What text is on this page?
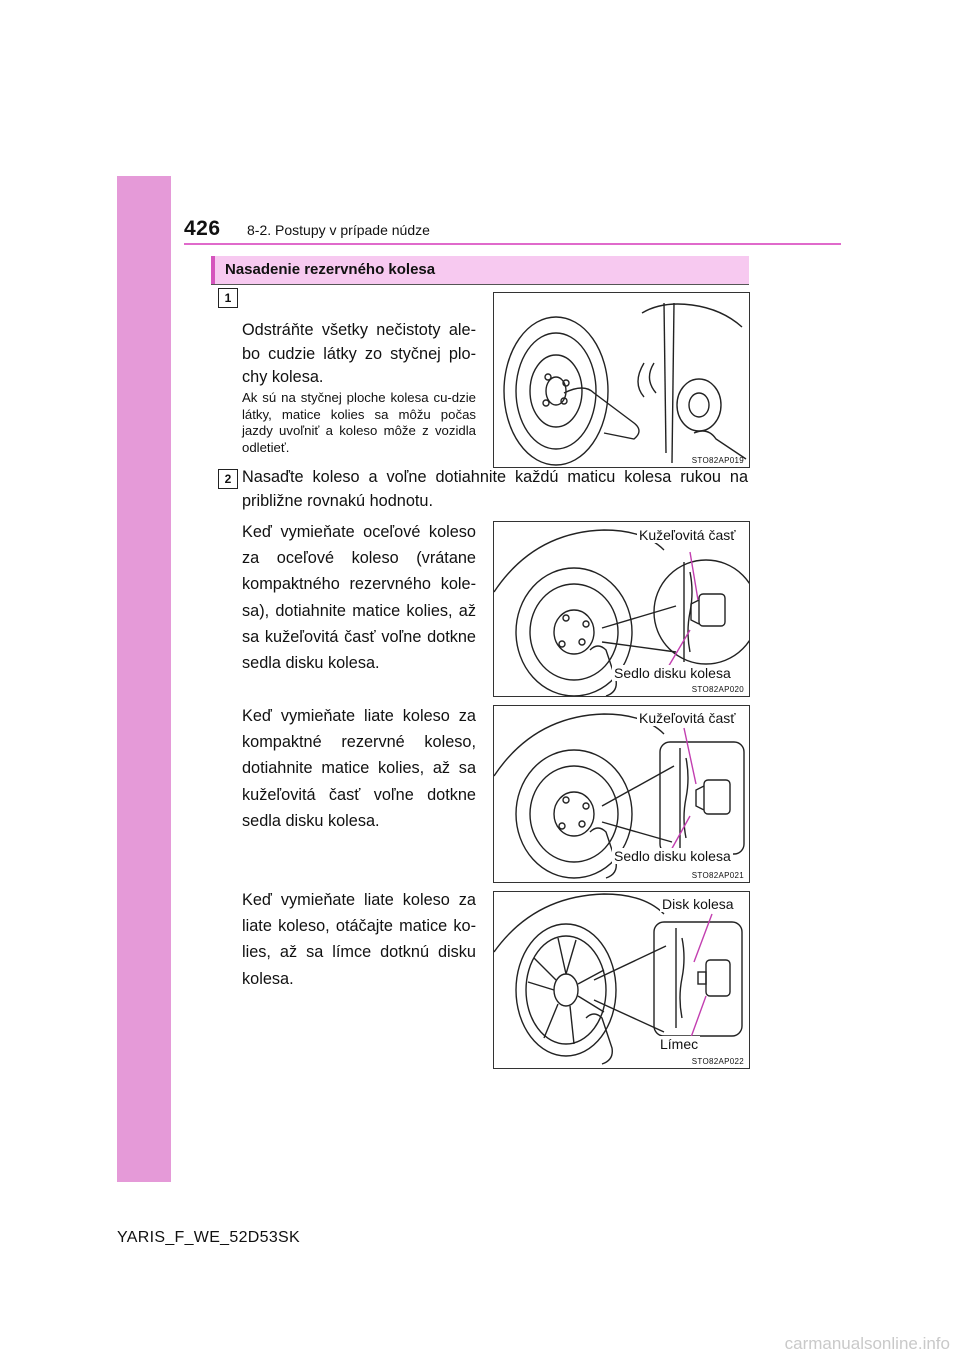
426 8-2. Postupy v prípade núdze
Nasadenie rezervného kolesa
1
Odstráňte všetky nečistoty ale-bo cudzie látky zo styčnej plo-chy kolesa.
Ak sú na styčnej ploche kolesa cu-dzie látky, matice kolies sa môžu počas jazdy uvoľniť a koleso môže z vozidla odletieť.
STO82AP019
2 Nasaďte koleso a voľne dotiahnite každú maticu kolesa rukou na približne rovnakú hodnotu.
Keď vymieňate oceľové koleso za oceľové koleso (vrátane kompaktného rezervného kole-sa), dotiahnite matice kolies, až sa kužeľovitá časť voľne dotkne sedla disku kolesa.
Kužeľovitá časť
Sedlo disku kolesa
STO82AP020
Keď vymieňate liate koleso za kompaktné rezervné koleso, dotiahnite matice kolies, až sa kužeľovitá časť voľne dotkne sedla disku kolesa.
Kužeľovitá časť
Sedlo disku kolesa
STO82AP021
Keď vymieňate liate koleso za liate koleso, otáčajte matice ko-lies, až sa límce dotknú disku kolesa.
Disk kolesa
Límec
STO82AP022
YARIS_F_WE_52D53SK
carmanualsonline.info
